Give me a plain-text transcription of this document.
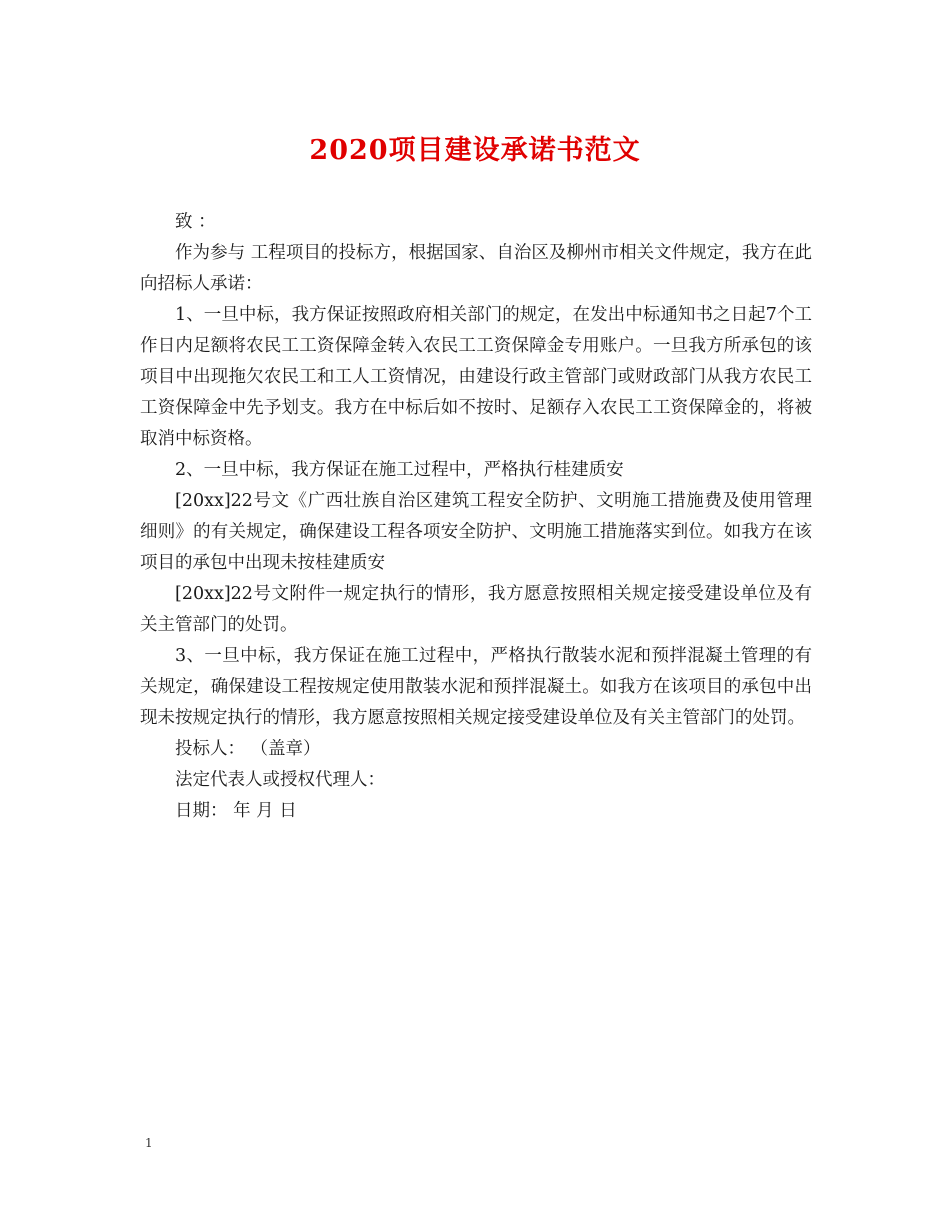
2020项目建设承诺书范文

致 ：

作为参与 工程项目的投标方，根据国家、自治区及柳州市相关文件规定，我方在此向招标人承诺：

1、一旦中标，我方保证按照政府相关部门的规定，在发出中标通知书之日起7个工作日内足额将农民工工资保障金转入农民工工资保障金专用账户。一旦我方所承包的该项目中出现拖欠农民工和工人工资情况，由建设行政主管部门或财政部门从我方农民工工资保障金中先予划支。我方在中标后如不按时、足额存入农民工工资保障金的，将被取消中标资格。

2、一旦中标，我方保证在施工过程中，严格执行桂建质安

[20xx]22号文《广西壮族自治区建筑工程安全防护、文明施工措施费及使用管理细则》的有关规定，确保建设工程各项安全防护、文明施工措施落实到位。如我方在该项目的承包中出现未按桂建质安

[20xx]22号文附件一规定执行的情形，我方愿意按照相关规定接受建设单位及有关主管部门的处罚。

3、一旦中标，我方保证在施工过程中，严格执行散装水泥和预拌混凝土管理的有关规定，确保建设工程按规定使用散装水泥和预拌混凝土。如我方在该项目的承包中出现未按规定执行的情形，我方愿意按照相关规定接受建设单位及有关主管部门的处罚。

投标人： （盖章）

法定代表人或授权代理人：

日期： 年 月 日

1
